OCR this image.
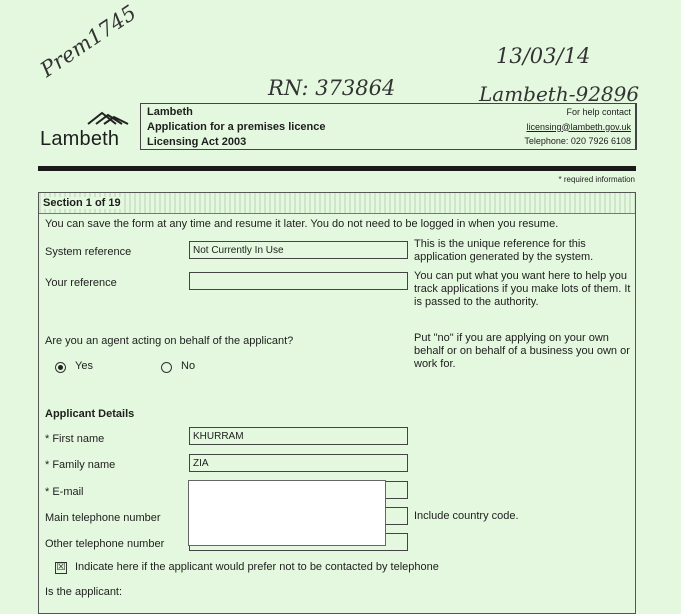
Prem1745
RN: 373864
13/03/14
Lambeth-92896
Lambeth
Lambeth
Application for a premises licence
Licensing Act 2003
For help contact
licensing@lambeth.gov.uk
Telephone: 020 7926 6108
* required information
Section 1 of 19
You can save the form at any time and resume it later. You do not need to be logged in when you resume.
System reference	Not Currently In Use
This is the unique reference for this application generated by the system.
Your reference
You can put what you want here to help you track applications if you make lots of them. It is passed to the authority.
Are you an agent acting on behalf of the applicant?	Put "no" if you are applying on your own behalf or on behalf of a business you own or work for.
Yes	No
Applicant Details
* First name	KHURRAM
* Family name	ZIA
* E-mail
Main telephone number	Include country code.
Other telephone number
☒ Indicate here if the applicant would prefer not to be contacted by telephone
Is the applicant:
